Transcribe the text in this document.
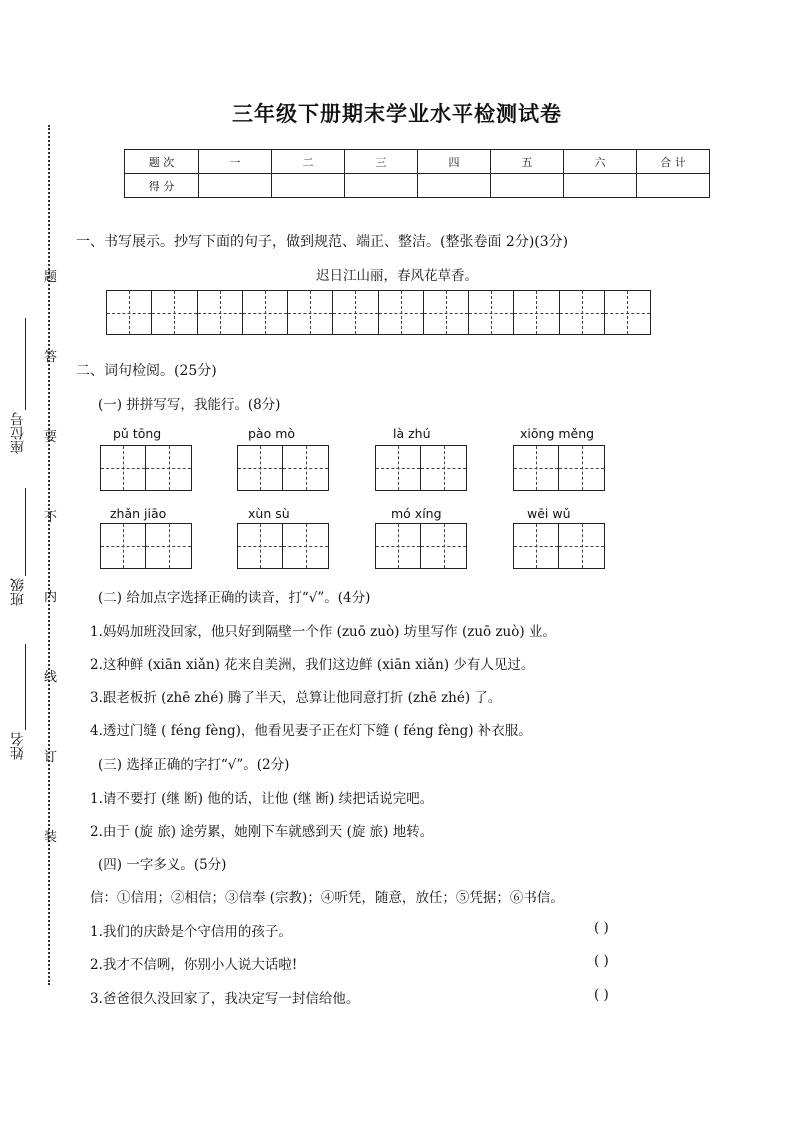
题
答
要
不
内
线
订
装
座位号
班级
姓名
三年级下册期末学业水平检测试卷
题 次	一	二	三	四	五	六	合 计
得 分							
一、书写展示。抄写下面的句子，做到规范、端正、整洁。(整张卷面 2分)(3分)
迟日江山丽，春风花草香。
二、词句检阅。(25分)
(一) 拼拼写写，我能行。(8分)
pǔ tōng	pào mò	là zhú	xiōng měng
zhǎn jiāo	xùn sù	mó xíng	wēi wǔ
(二) 给加点字选择正确的读音，打“√”。(4分)
1.妈妈加班没回家，他只好到隔壁一个作 (zuō zuò) 坊里写作 (zuō zuò) 业。
2.这种鲜 (xiān xiǎn) 花来自美洲，我们这边鲜 (xiān xiǎn) 少有人见过。
3.跟老板折 (zhē zhé) 腾了半天，总算让他同意打折 (zhē zhé) 了。
4.透过门缝 ( féng fèng)，他看见妻子正在灯下缝 ( féng fèng) 补衣服。
(三) 选择正确的字打“√”。(2分)
1.请不要打 (继 断) 他的话，让他 (继 断) 续把话说完吧。
2.由于 (旋 旅) 途劳累，她刚下车就感到天 (旋 旅) 地转。
(四) 一字多义。(5分)
信：①信用；②相信；③信奉 (宗教)；④听凭，随意，放任；⑤凭据；⑥书信。
1.我们的庆龄是个守信用的孩子。	( )
2.我才不信咧，你别小人说大话啦!	( )
3.爸爸很久没回家了，我决定写一封信给他。	( )
